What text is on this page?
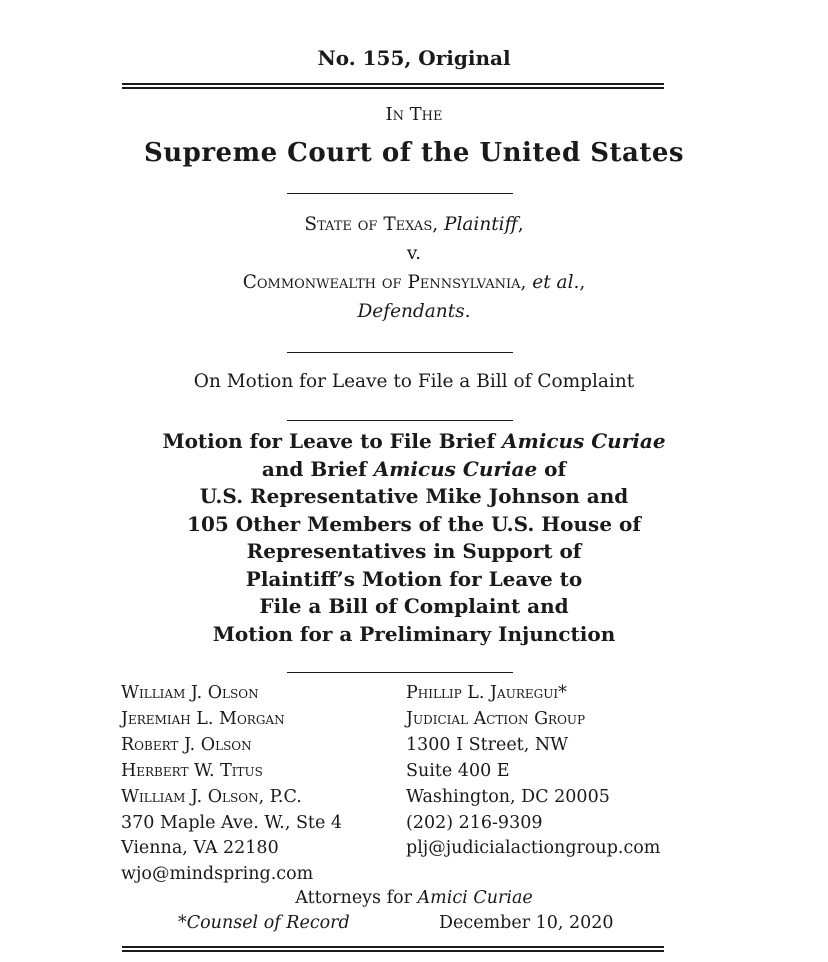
No. 155, Original
In The
Supreme Court of the United States
State of Texas, Plaintiff,
v.
Commonwealth of Pennsylvania, et al.,
Defendants.
On Motion for Leave to File a Bill of Complaint
Motion for Leave to File Brief Amicus Curiae
and Brief Amicus Curiae of
U.S. Representative Mike Johnson and
105 Other Members of the U.S. House of
Representatives in Support of
Plaintiff’s Motion for Leave to
File a Bill of Complaint and
Motion for a Preliminary Injunction
William J. Olson
Jeremiah L. Morgan
Robert J. Olson
Herbert W. Titus
William J. Olson, P.C.
370 Maple Ave. W., Ste 4
Vienna, VA 22180
wjo@mindspring.com
Phillip L. Jauregui*
Judicial Action Group
1300 I Street, NW
Suite 400 E
Washington, DC 20005
(202) 216-9309
plj@judicialactiongroup.com
Attorneys for Amici Curiae
*Counsel of Record	December 10, 2020
